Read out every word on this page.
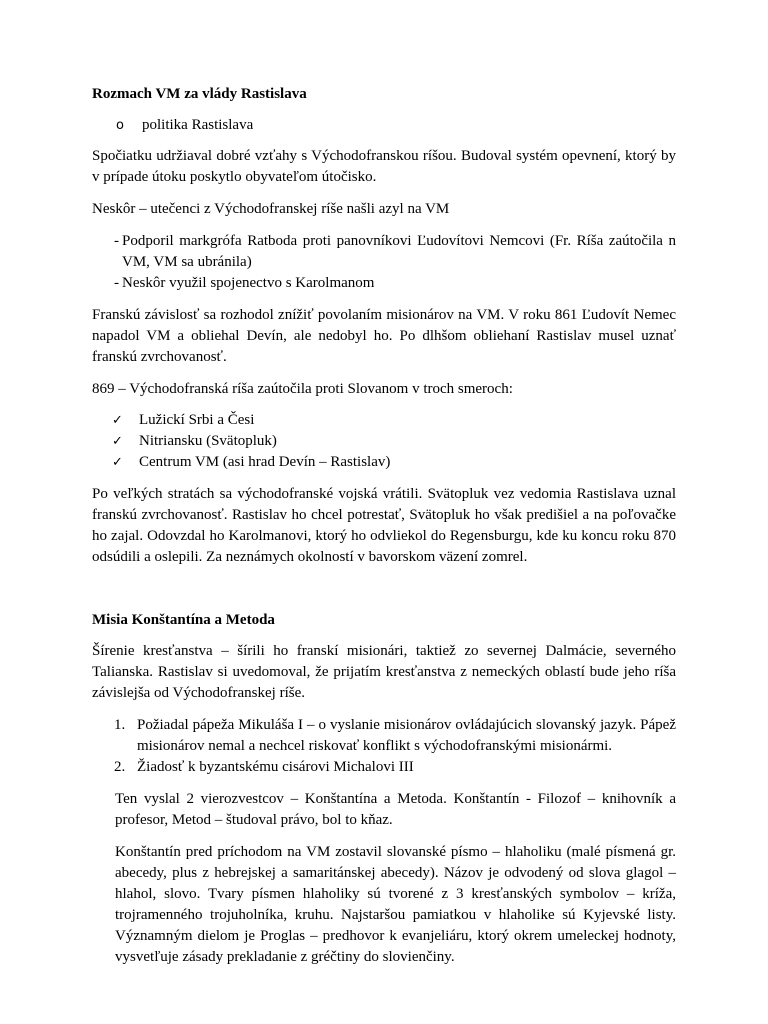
Rozmach VM za vlády Rastislava
o	politika Rastislava

Spočiatku udržiaval dobré vzťahy s Východofranskou ríšou. Budoval systém opevnení, ktorý by v prípade útoku poskytlo obyvateľom útočisko.

Neskôr – utečenci z Východofranskej ríše našli azyl na VM

- Podporil markgrófa Ratboda proti panovníkovi Ľudovítovi Nemcovi (Fr. Ríša zaútočila n VM, VM sa ubránila)
- Neskôr využil spojenectvo s Karolmanom

Franskú závislosť sa rozhodol znížiť povolaním misionárov na VM. V roku 861 Ľudovít Nemec napadol VM a obliehal Devín, ale nedobyl ho. Po dlhšom obliehaní Rastislav musel uznať franskú zvrchovanosť.

869 – Východofranská ríša zaútočila proti Slovanom v troch smeroch:

✓	Lužickí Srbi a Česi
✓	Nitriansku (Svätopluk)
✓	Centrum VM (asi hrad Devín – Rastislav)

Po veľkých stratách sa východofranské vojská vrátili. Svätopluk vez vedomia Rastislava uznal franskú zvrchovanosť. Rastislav ho chcel potrestať, Svätopluk ho však predišiel a na poľovačke ho zajal. Odovzdal ho Karolmanovi, ktorý ho odvliekol do Regensburgu, kde ku koncu roku 870 odsúdili a oslepili. Za neznámych okolností v bavorskom väzení zomrel.

Misia Konštantína a Metoda

Šírenie kresťanstva – šírili ho franskí misionári, taktiež zo severnej Dalmácie, severného Talianska. Rastislav si uvedomoval, že prijatím kresťanstva z nemeckých oblastí bude jeho ríša závislejša od Východofranskej ríše.

1. Požiadal pápeža Mikuláša I – o vyslanie misionárov ovládajúcich slovanský jazyk. Pápež misionárov nemal a nechcel riskovať konflikt s východofranskými misionármi.
2. Žiadosť k byzantskému cisárovi Michalovi III

Ten vyslal 2 vierozvestcov – Konštantína a Metoda. Konštantín - Filozof – knihovník a profesor, Metod – študoval právo, bol to kňaz.

Konštantín pred príchodom na VM zostavil slovanské písmo – hlaholiku (malé písmená gr. abecedy, plus z hebrejskej a samaritánskej abecedy). Názov je odvodený od slova glagol – hlahol, slovo. Tvary písmen hlaholiky sú tvorené z 3 kresťanských symbolov – kríža, trojramenného trojuholníka, kruhu. Najstaršou pamiatkou v hlaholike sú Kyjevské listy. Významným dielom je Proglas – predhovor k evanjeliáru, ktorý okrem umeleckej hodnoty, vysvetľuje zásady prekladanie z gréčtiny do slovienčiny.
